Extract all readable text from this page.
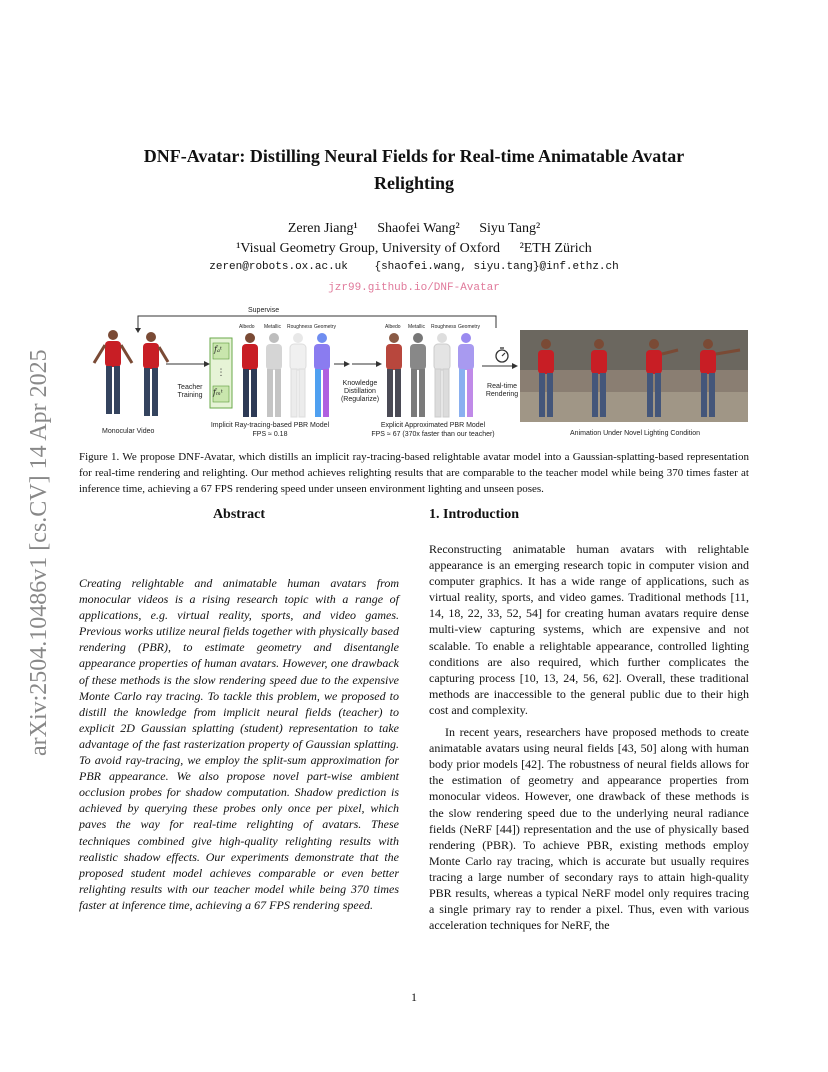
arXiv:2504.10486v1 [cs.CV] 14 Apr 2025
DNF-Avatar: Distilling Neural Fields for Real-time Animatable Avatar
Relighting
Zeren Jiang¹ Shaofei Wang² Siyu Tang²
¹Visual Geometry Group, University of Oxford ²ETH Zürich
zeren@robots.ox.ac.uk {shaofei.wang, siyu.tang}@inf.ethz.ch
jzr99.github.io/DNF-Avatar
⋮
Supervise
Monocular Video
Teacher Training
fₐᵗ
fₘᵗ
Albedo Metallic Roughness Geometry
Implicit Ray-tracing-based PBR Model
FPS ≈ 0.18
Knowledge Distillation (Regularize)
Albedo Metallic Roughness Geometry
Explicit Approximated PBR Model
FPS ≈ 67 (370x faster than our teacher)
Real-time Rendering
Animation Under Novel Lighting Condition
Figure 1. We propose DNF-Avatar, which distills an implicit ray-tracing-based relightable avatar model into a Gaussian-splatting-based representation for real-time rendering and relighting. Our method achieves relighting results that are comparable to the teacher model while being 370 times faster at inference time, achieving a 67 FPS rendering speed under unseen environment lighting and unseen poses.
Abstract
Creating relightable and animatable human avatars from monocular videos is a rising research topic with a range of applications, e.g. virtual reality, sports, and video games. Previous works utilize neural fields together with physically based rendering (PBR), to estimate geometry and disentangle appearance properties of human avatars. However, one drawback of these methods is the slow rendering speed due to the expensive Monte Carlo ray tracing. To tackle this problem, we proposed to distill the knowledge from implicit neural fields (teacher) to explicit 2D Gaussian splatting (student) representation to take advantage of the fast rasterization property of Gaussian splatting. To avoid ray-tracing, we employ the split-sum approximation for PBR appearance. We also propose novel part-wise ambient occlusion probes for shadow computation. Shadow prediction is achieved by querying these probes only once per pixel, which paves the way for real-time relighting of avatars. These techniques combined give high-quality relighting results with realistic shadow effects. Our experiments demonstrate that the proposed student model achieves comparable or even better relighting results with our teacher model while being 370 times faster at inference time, achieving a 67 FPS rendering speed.
1. Introduction

Reconstructing animatable human avatars with relightable appearance is an emerging research topic in computer vision and computer graphics. It has a wide range of applications, such as virtual reality, sports, and video games. Traditional methods [11, 14, 18, 22, 33, 52, 54] for creating human avatars require dense multi-view capturing systems, which are expensive and not scalable. To enable a relightable appearance, controlled lighting conditions are also required, which further complicates the capturing process [10, 13, 24, 56, 62]. Overall, these traditional methods are inaccessible to the general public due to their high cost and complexity.

In recent years, researchers have proposed methods to create animatable avatars using neural fields [43, 50] along with human body prior models [42]. The robustness of neural fields allows for the estimation of geometry and appearance properties from monocular videos. However, one drawback of these methods is the slow rendering speed due to the underlying neural radiance fields (NeRF [44]) representation and the use of physically based rendering (PBR). To achieve PBR, existing methods employ Monte Carlo ray tracing, which is accurate but usually requires tracing a large number of secondary rays to attain high-quality PBR results, whereas a typical NeRF model only requires tracing a single primary ray to render a pixel. Thus, even with various acceleration techniques for NeRF, the

1
